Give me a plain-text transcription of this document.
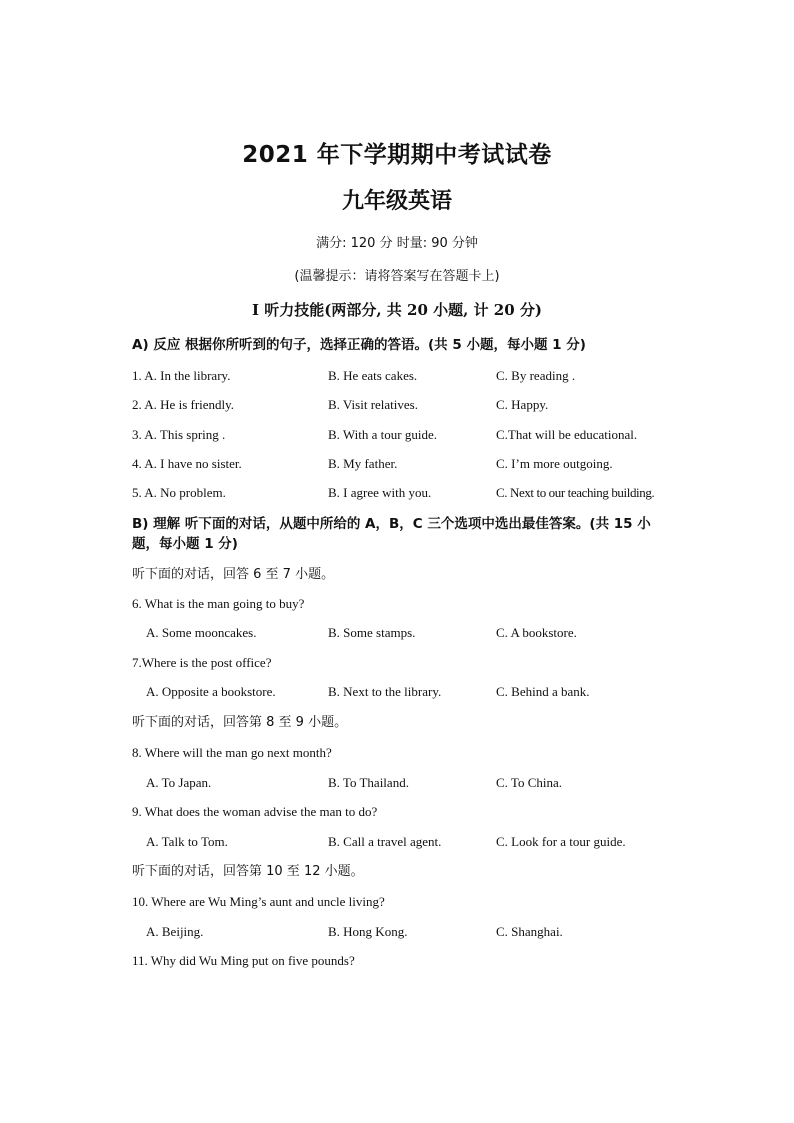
2021 年下学期期中考试试卷
九年级英语
满分: 120 分 时量: 90 分钟
(温馨提示：请将答案写在答题卡上)
I 听力技能(两部分, 共 20 小题, 计 20 分)
A) 反应 根据你所听到的句子，选择正确的答语。(共 5 小题，每小题 1 分)
1. A. In the library.	B. He eats cakes.	C. By reading .
2. A. He is friendly.	B. Visit relatives.	C. Happy.
3. A. This spring .	B. With a tour guide.	C.That will be educational.
4. A. I have no sister.	B. My father.	C. I’m more outgoing.
5. A. No problem.	B. I agree with you.	C. Next to our teaching building.
B) 理解 听下面的对话，从题中所给的 A，B，C 三个选项中选出最佳答案。(共 15 小题，每小题 1 分)
听下面的对话，回答 6 至 7 小题。
6. What is the man going to buy?
A. Some mooncakes.	B. Some stamps.	C. A bookstore.
7.Where is the post office?
A. Opposite a bookstore.	B. Next to the library.	C. Behind a bank.
听下面的对话，回答第 8 至 9 小题。
8. Where will the man go next month?
A. To Japan.	B. To Thailand.	C. To China.
9. What does the woman advise the man to do?
A. Talk to Tom.	B. Call a travel agent.	C. Look for a tour guide.
听下面的对话，回答第 10 至 12 小题。
10. Where are Wu Ming’s aunt and uncle living?
A. Beijing.	B. Hong Kong.	C. Shanghai.
11. Why did Wu Ming put on five pounds?
